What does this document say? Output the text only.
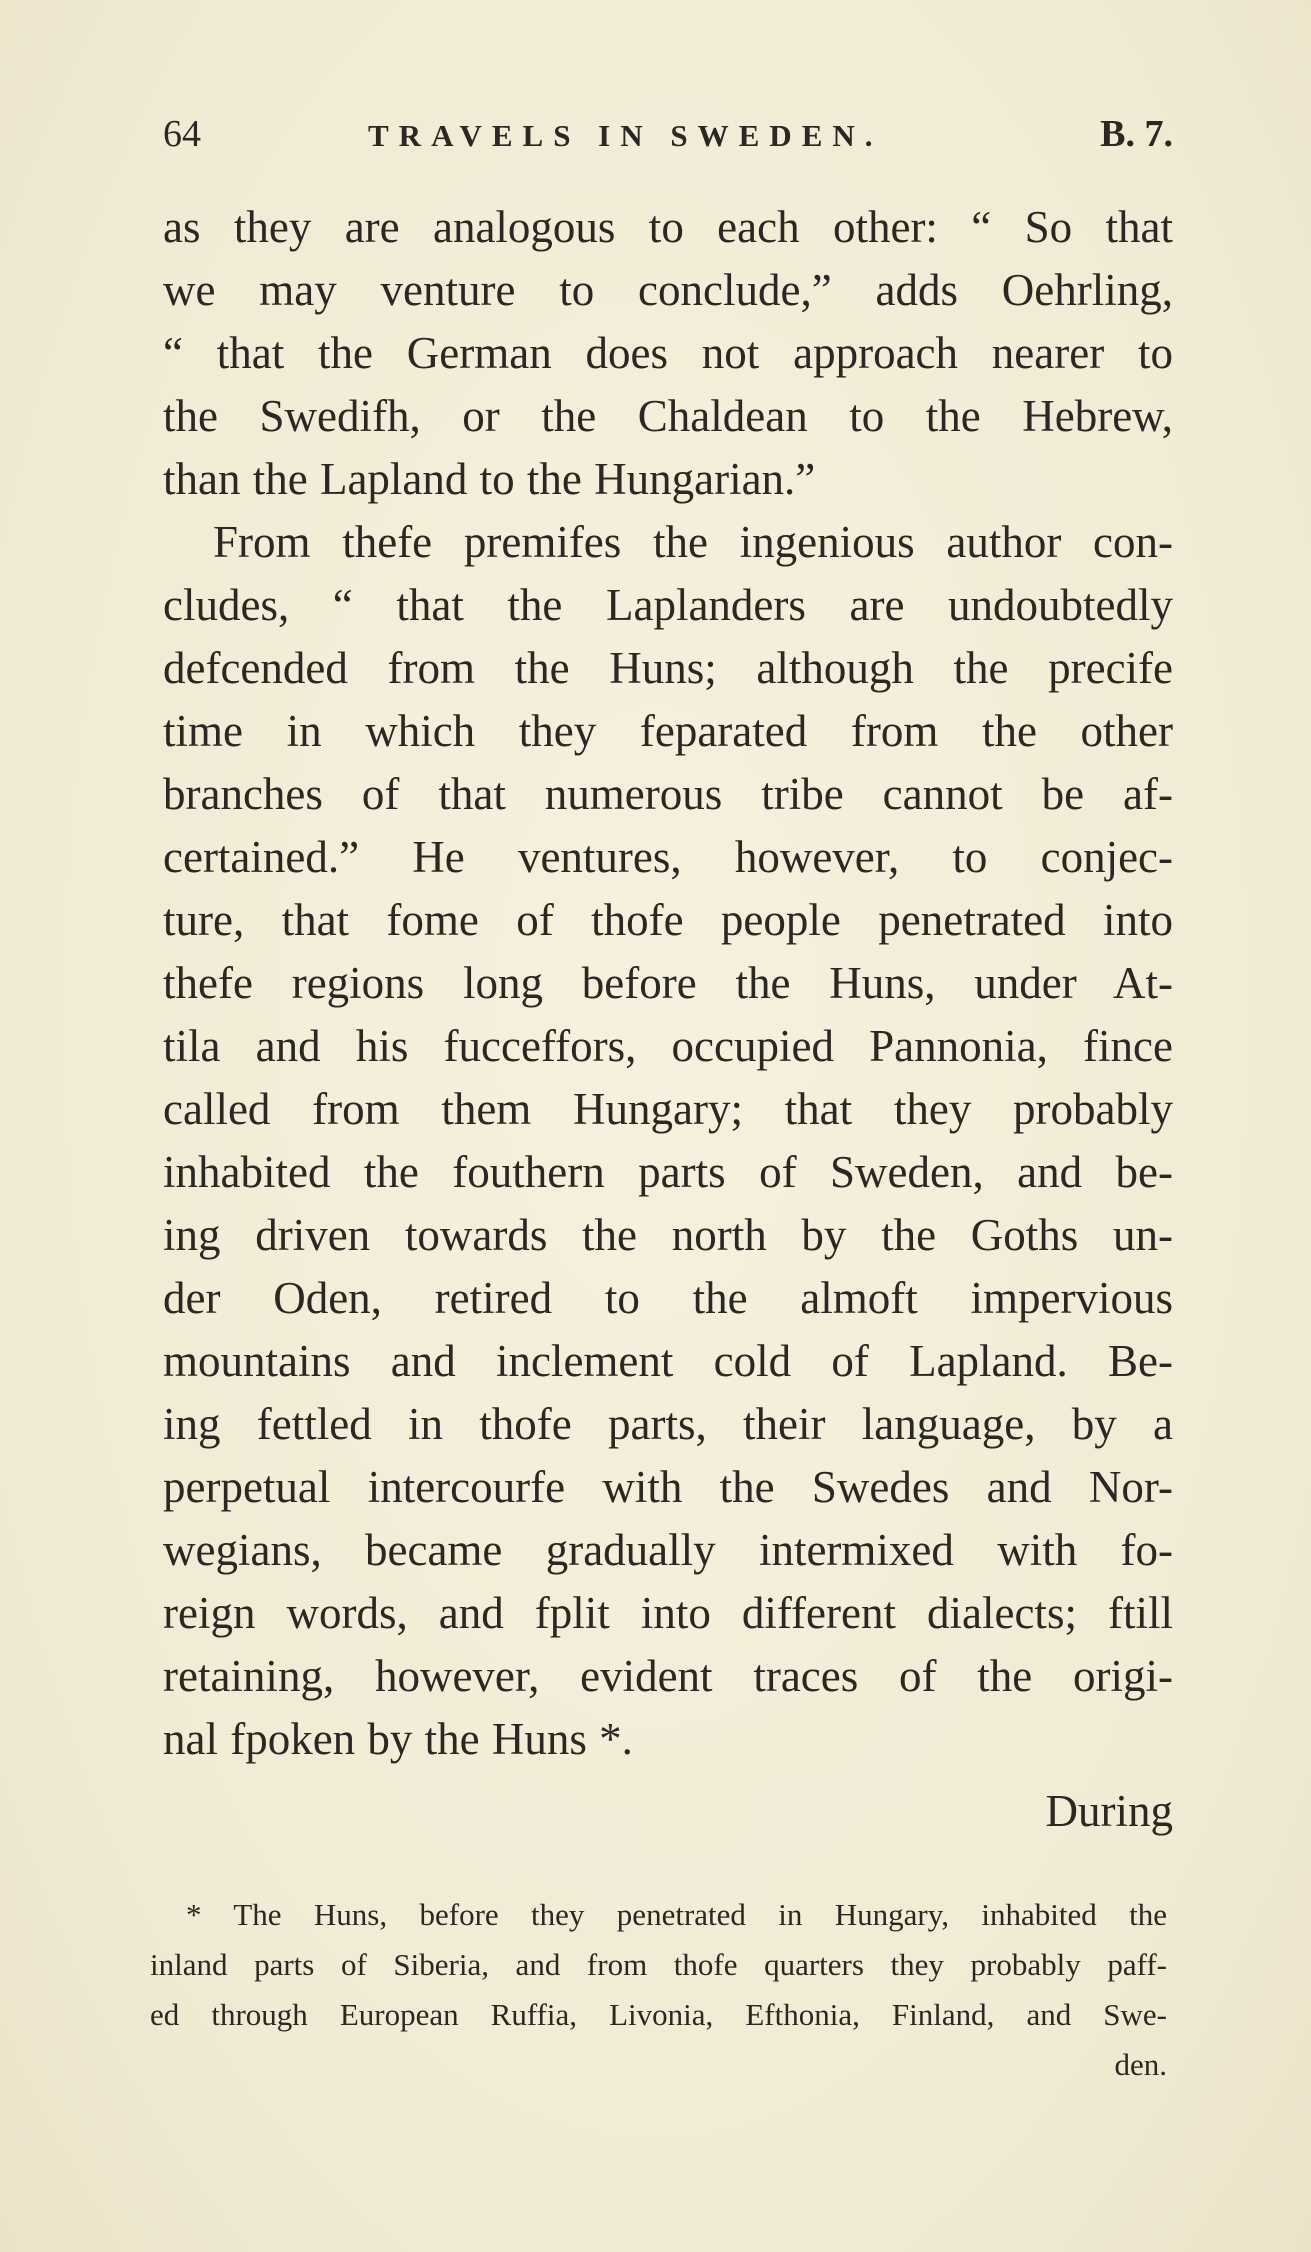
64	TRAVELS IN SWEDEN.	B. 7.
as they are analogous to each other: “ So that
we may venture to conclude,” adds Oehrling,
“ that the German does not approach nearer to
the Swedifh, or the Chaldean to the Hebrew,
than the Lapland to the Hungarian.”
From thefe premifes the ingenious author con-
cludes, “ that the Laplanders are undoubtedly
defcended from the Huns; although the precife
time in which they feparated from the other
branches of that numerous tribe cannot be af-
certained.” He ventures, however, to conjec-
ture, that fome of thofe people penetrated into
thefe regions long before the Huns, under At-
tila and his fucceffors, occupied Pannonia, fince
called from them Hungary; that they probably
inhabited the fouthern parts of Sweden, and be-
ing driven towards the north by the Goths un-
der Oden, retired to the almoft impervious
mountains and inclement cold of Lapland. Be-
ing fettled in thofe parts, their language, by a
perpetual intercourfe with the Swedes and Nor-
wegians, became gradually intermixed with fo-
reign words, and fplit into different dialects; ftill
retaining, however, evident traces of the origi-
nal fpoken by the Huns *.
During
* The Huns, before they penetrated in Hungary, inhabited the
inland parts of Siberia, and from thofe quarters they probably paff-
ed through European Ruffia, Livonia, Efthonia, Finland, and Swe-
den.
